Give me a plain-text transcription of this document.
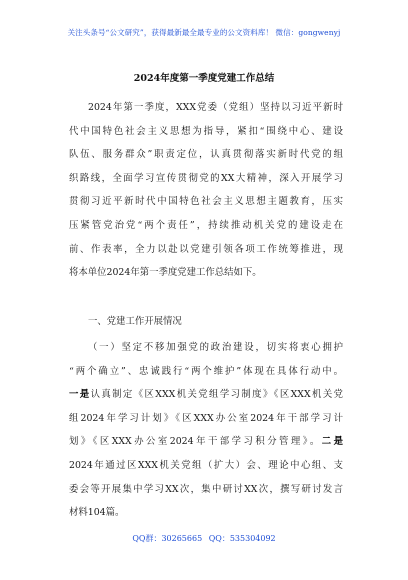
关注头条号“公文研究”，获得最新最全最专业的公文资料库！ 微信：gongwenyj
2024年度第一季度党建工作总结
2024年第一季度，XXX党委（党组）坚持以习近平新时
代中国特色社会主义思想为指导，紧扣“围绕中心、建设
队伍、服务群众”职责定位，认真贯彻落实新时代党的组
织路线，全面学习宣传贯彻党的XX大精神，深入开展学习
贯彻习近平新时代中国特色社会主义思想主题教育，压实
压紧管党治党“两个责任”，持续推动机关党的建设走在
前、作表率，全力以赴以党建引领各项工作统筹推进，现
将本单位2024年第一季度党建工作总结如下。
一、党建工作开展情况
（一）坚定不移加强党的政治建设，切实将衷心拥护
“两个确立”、忠诚践行“两个维护”体现在具体行动中。
一是认真制定《区XXX机关党组学习制度》《区XXX机关党
组2024年学习计划》《区XXX办公室2024年干部学习计
划》《区XXX办公室2024年干部学习积分管理》。二是
2024年通过区XXX机关党组（扩大）会、理论中心组、支
委会等开展集中学习XX次，集中研讨XX次，撰写研讨发言
材料104篇。
QQ群：30265665 QQ：535304092
